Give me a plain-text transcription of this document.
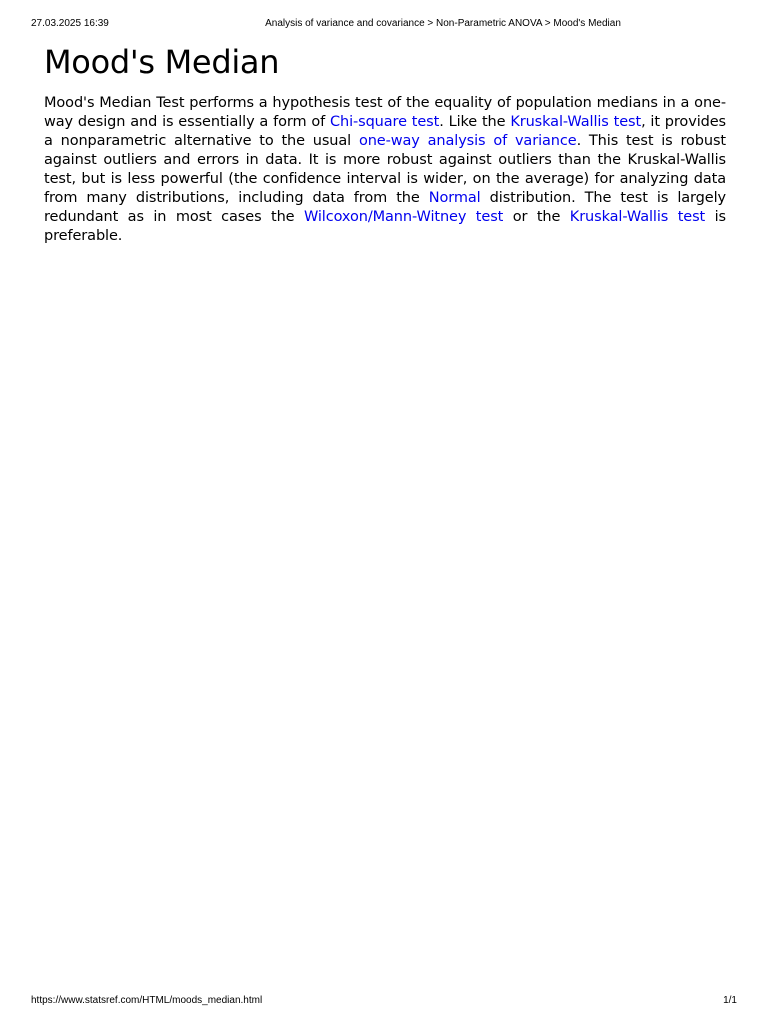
27.03.2025 16:39	Analysis of variance and covariance > Non-Parametric ANOVA > Mood's Median
Mood's Median

Mood's Median Test performs a hypothesis test of the equality of population medians in a one-way design and is essentially a form of Chi-square test. Like the Kruskal-Wallis test, it provides a nonparametric alternative to the usual one-way analysis of variance. This test is robust against outliers and errors in data. It is more robust against outliers than the Kruskal-Wallis test, but is less powerful (the confidence interval is wider, on the average) for analyzing data from many distributions, including data from the Normal distribution. The test is largely redundant as in most cases the Wilcoxon/Mann-Witney test or the Kruskal-Wallis test is preferable.

https://www.statsref.com/HTML/moods_median.html	1/1
